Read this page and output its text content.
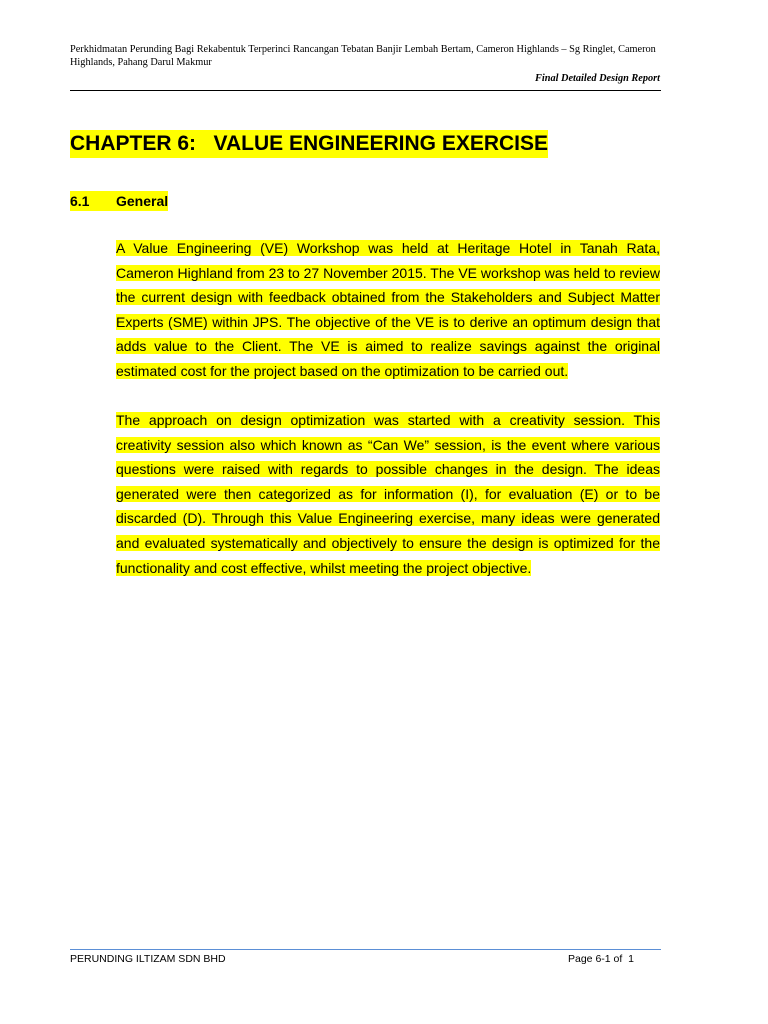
Perkhidmatan Perunding Bagi Rekabentuk Terperinci Rancangan Tebatan Banjir Lembah Bertam, Cameron Highlands – Sg Ringlet, Cameron Highlands, Pahang Darul Makmur

Final Detailed Design Report
CHAPTER 6:   VALUE ENGINEERING EXERCISE
6.1 General

A Value Engineering (VE) Workshop was held at Heritage Hotel in Tanah Rata, Cameron Highland from 23 to 27 November 2015. The VE workshop was held to review the current design with feedback obtained from the Stakeholders and Subject Matter Experts (SME) within JPS. The objective of the VE is to derive an optimum design that adds value to the Client. The VE is aimed to realize savings against the original estimated cost for the project based on the optimization to be carried out.

The approach on design optimization was started with a creativity session. This creativity session also which known as “Can We” session, is the event where various questions were raised with regards to possible changes in the design. The ideas generated were then categorized as for information (I), for evaluation (E) or to be discarded (D). Through this Value Engineering exercise, many ideas were generated and evaluated systematically and objectively to ensure the design is optimized for the functionality and cost effective, whilst meeting the project objective.

PERUNDING ILTIZAM SDN BHD	Page 6-1 of  1
